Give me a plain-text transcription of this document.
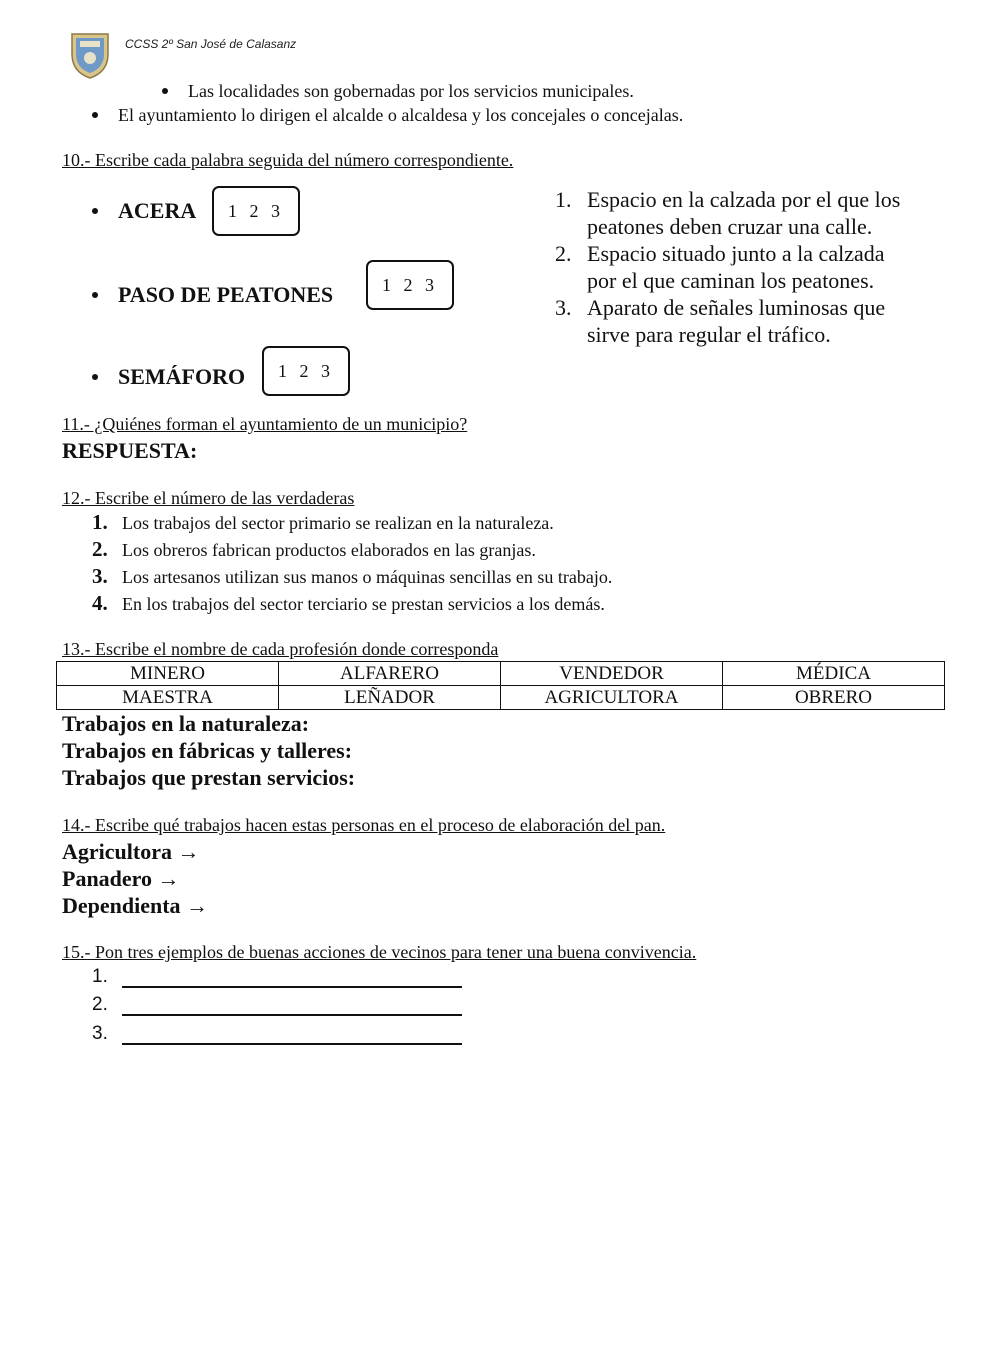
CCSS 2º San José de Calasanz
Las localidades son gobernadas por los servicios municipales.
El ayuntamiento lo dirigen el alcalde o alcaldesa y los concejales o concejalas.
10.- Escribe cada palabra seguida del número correspondiente.
ACERA	1 2 3
PASO DE PEATONES	1 2 3
SEMÁFORO	1 2 3
1. Espacio en la calzada por el que los peatones deben cruzar una calle.
2. Espacio situado junto a la calzada por el que caminan los peatones.
3. Aparato de señales luminosas que sirve para regular el tráfico.
11.- ¿Quiénes forman el ayuntamiento de un municipio?
RESPUESTA:
12.- Escribe el número de las verdaderas
1. Los trabajos del sector primario se realizan en la naturaleza.
2. Los obreros fabrican productos elaborados en las granjas.
3. Los artesanos utilizan sus manos o máquinas sencillas en su trabajo.
4. En los trabajos del sector terciario se prestan servicios a los demás.
13.- Escribe el nombre de cada profesión donde corresponda
MINERO	ALFARERO	VENDEDOR	MÉDICA
MAESTRA	LEÑADOR	AGRICULTORA	OBRERO
Trabajos en la naturaleza:
Trabajos en fábricas y talleres:
Trabajos que prestan servicios:
14.- Escribe qué trabajos hacen estas personas en el proceso de elaboración del pan.
Agricultora →
Panadero →
Dependienta →
15.- Pon tres ejemplos de buenas acciones de vecinos para tener una buena convivencia.
1.
2.
3.
